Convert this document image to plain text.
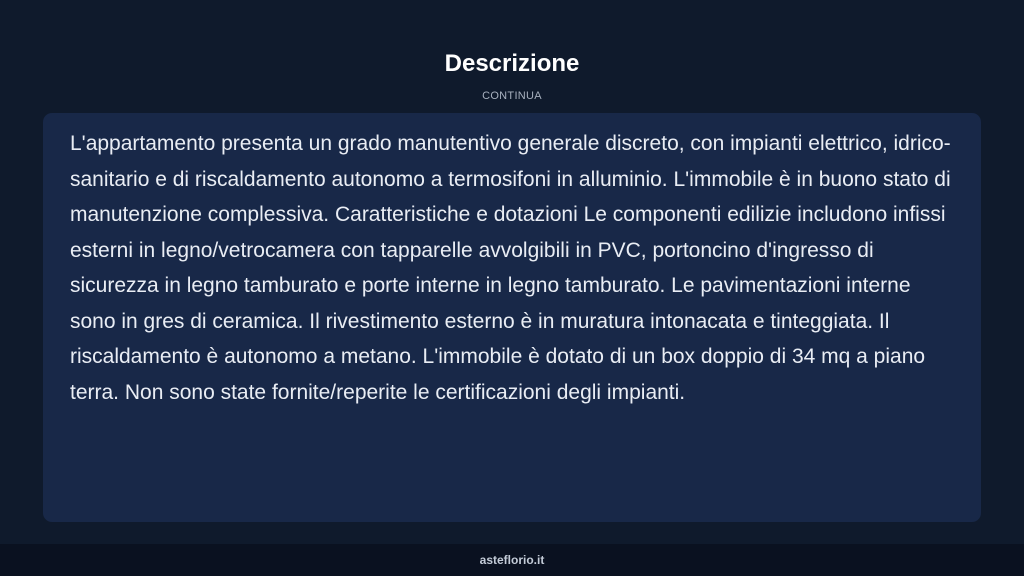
Descrizione
CONTINUA
L'appartamento presenta un grado manutentivo generale discreto, con impianti elettrico, idrico-sanitario e di riscaldamento autonomo a termosifoni in alluminio. L'immobile è in buono stato di manutenzione complessiva. Caratteristiche e dotazioni Le componenti edilizie includono infissi esterni in legno/vetrocamera con tapparelle avvolgibili in PVC, portoncino d'ingresso di sicurezza in legno tamburato e porte interne in legno tamburato. Le pavimentazioni interne sono in gres di ceramica. Il rivestimento esterno è in muratura intonacata e tinteggiata. Il riscaldamento è autonomo a metano. L'immobile è dotato di un box doppio di 34 mq a piano terra. Non sono state fornite/reperite le certificazioni degli impianti.
asteflorio.it
